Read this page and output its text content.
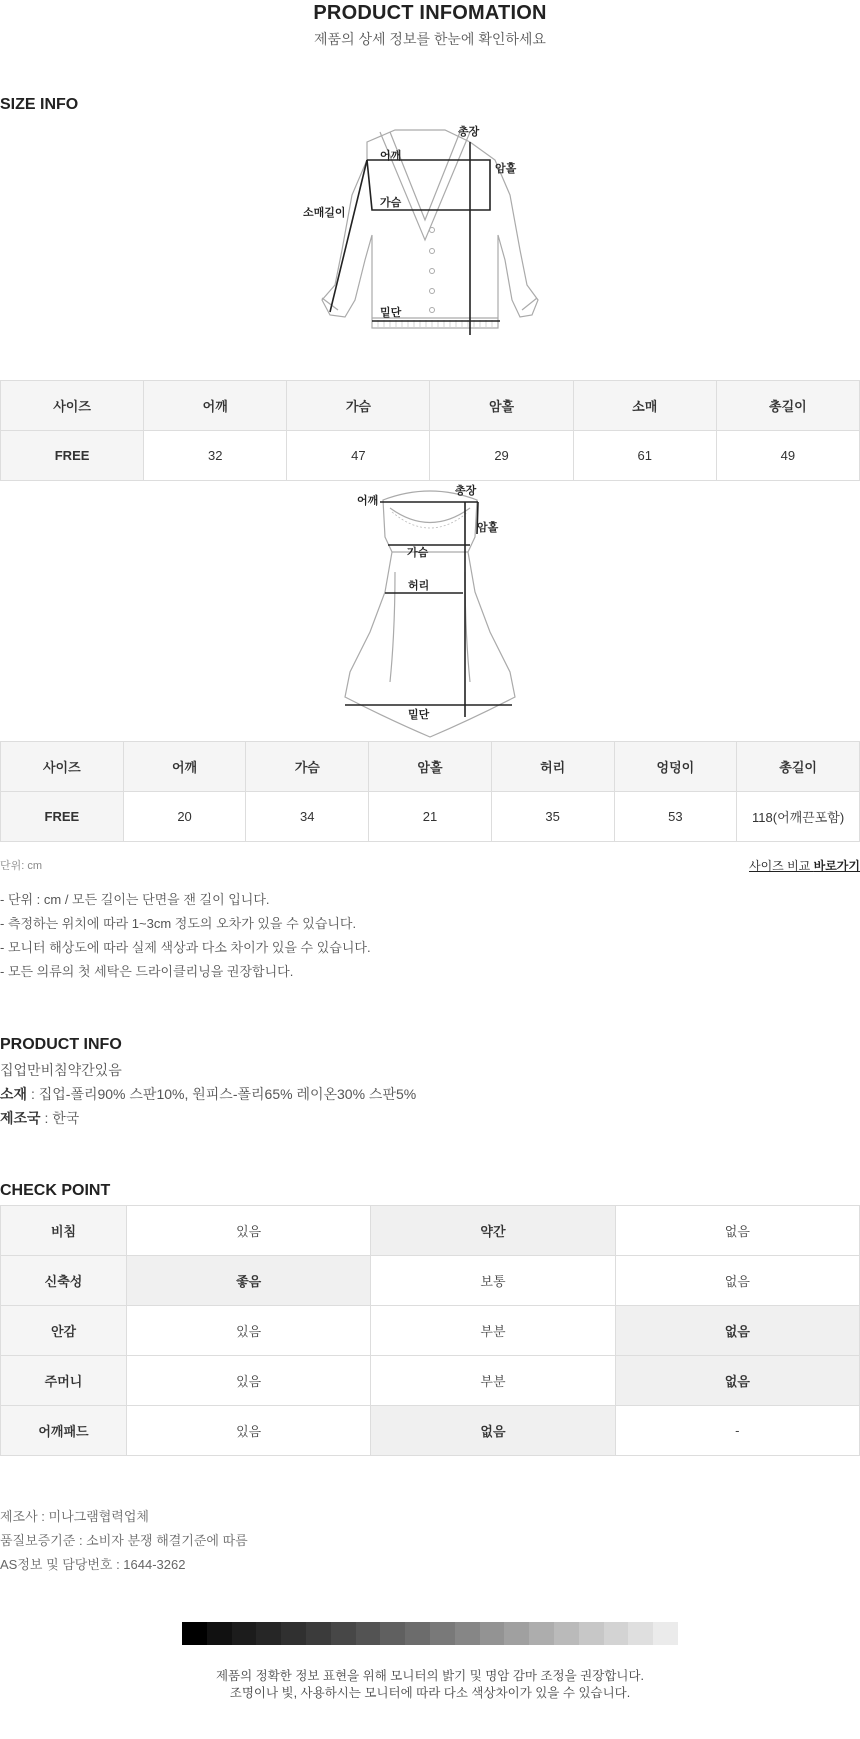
PRODUCT INFOMATION
제품의 상세 정보를 한눈에 확인하세요
SIZE INFO
총장
어깨
암홀
소매길이
가슴
밑단
사이즈	어깨	가슴	암홀	소매	총길이
FREE	32	47	29	61	49
어깨
총장
암홀
가슴
허리
밑단
사이즈	어깨	가슴	암홀	허리	엉덩이	총길이
FREE	20	34	21	35	53	118(어깨끈포함)
단위: cm	사이즈 비교 바로가기
- 단위 : cm / 모든 길이는 단면을 잰 길이 입니다.
- 측정하는 위치에 따라 1~3cm 정도의 오차가 있을 수 있습니다.
- 모니터 해상도에 따라 실제 색상과 다소 차이가 있을 수 있습니다.
- 모든 의류의 첫 세탁은 드라이클리닝을 권장합니다.
PRODUCT INFO
집업만비침약간있음
소재 : 집업-폴리90% 스판10%, 원피스-폴리65% 레이온30% 스판5%
제조국 : 한국
CHECK POINT
비침	있음	약간	없음
신축성	좋음	보통	없음
안감	있음	부분	없음
주머니	있음	부분	없음
어깨패드	있음	없음	-
제조사 : 미나그램협력업체
품질보증기준 : 소비자 분쟁 해결기준에 따름
AS정보 및 담당번호 : 1644-3262
제품의 정확한 정보 표현을 위해 모니터의 밝기 및 명암 감마 조정을 권장합니다.
조명이나 빛, 사용하시는 모니터에 따라 다소 색상차이가 있을 수 있습니다.
